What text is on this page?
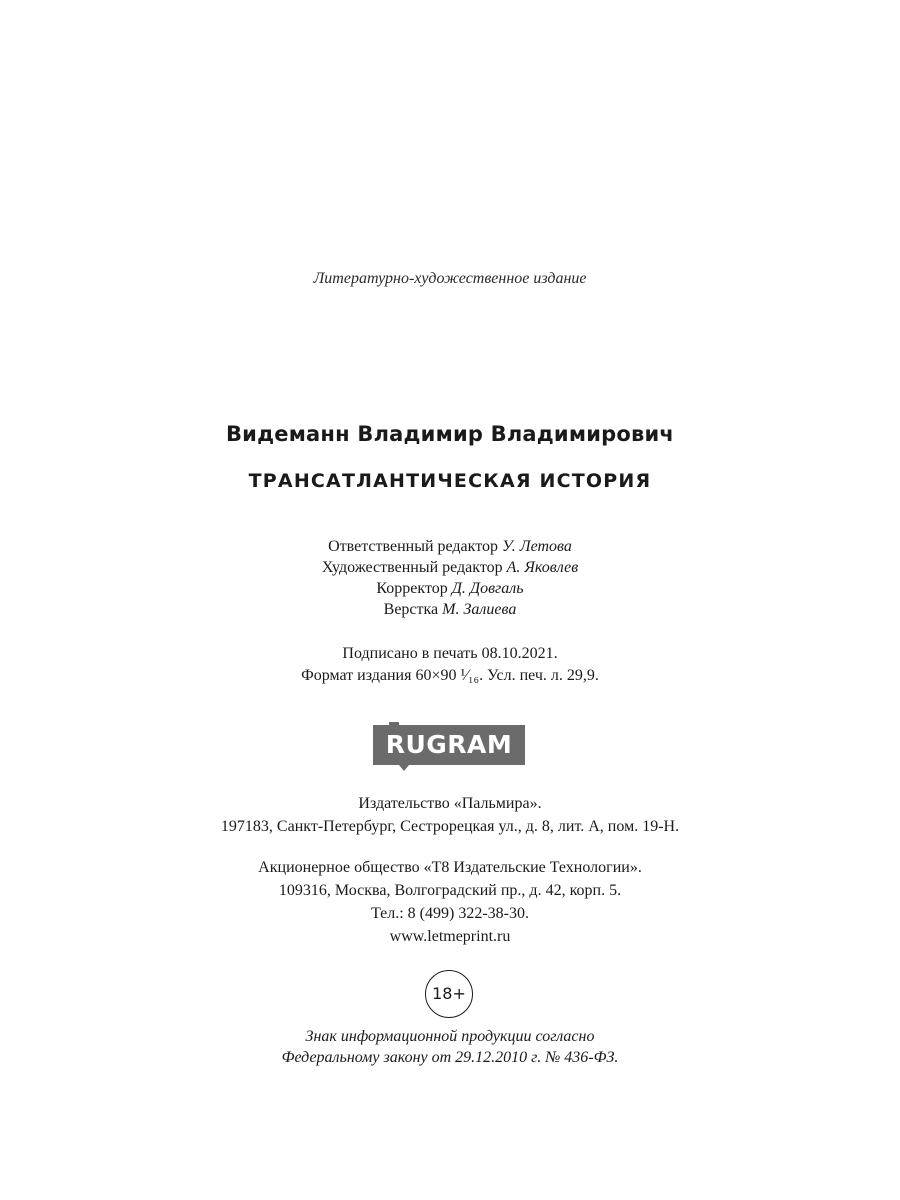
Литературно-художественное издание
Видеманн Владимир Владимирович
ТРАНСАТЛАНТИЧЕСКАЯ ИСТОРИЯ
Ответственный редактор У. Летова
Художественный редактор А. Яковлев
Корректор Д. Довгаль
Верстка М. Залиева
Подписано в печать 08.10.2021.
Формат издания 60×90 ¹⁄₁₆. Усл. печ. л. 29,9.
RUGRAM
Издательство «Пальмира».
197183, Санкт-Петербург, Сестрорецкая ул., д. 8, лит. А, пом. 19-Н.
Акционерное общество «Т8 Издательские Технологии».
109316, Москва, Волгоградский пр., д. 42, корп. 5.
Тел.: 8 (499) 322-38-30.
www.letmeprint.ru
18+
Знак информационной продукции согласно
Федеральному закону от 29.12.2010 г. № 436-ФЗ.
